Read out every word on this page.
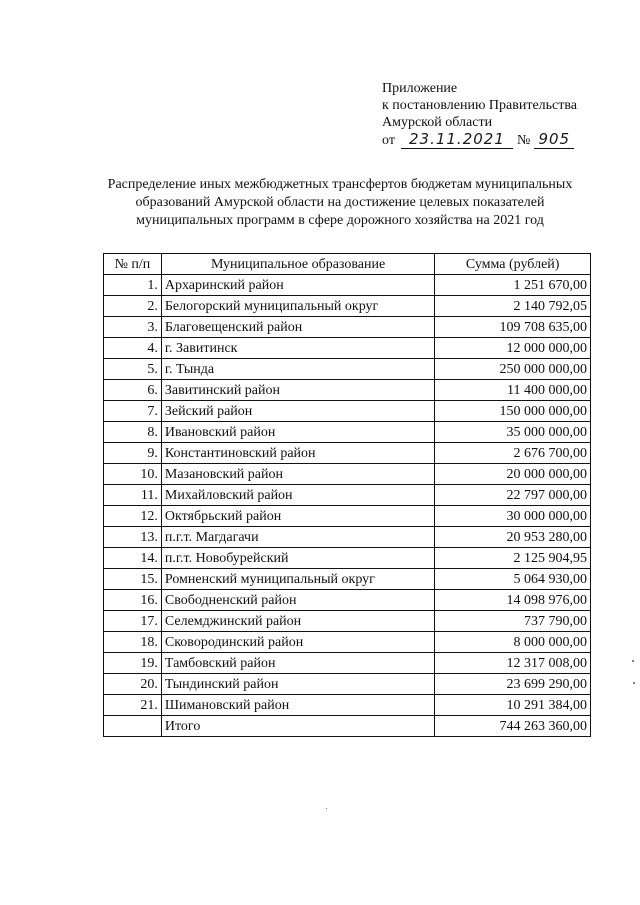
Приложение
к постановлению Правительства
Амурской области
от 23.11.2021 № 905
Распределение иных межбюджетных трансфертов бюджетам муниципальных
образований Амурской области на достижение целевых показателей
муниципальных программ в сфере дорожного хозяйства на 2021 год
№ п/п	Муниципальное образование	Сумма (рублей)
1.	Архаринский район	1 251 670,00
2.	Белогорский муниципальный округ	2 140 792,05
3.	Благовещенский район	109 708 635,00
4.	г. Завитинск	12 000 000,00
5.	г. Тында	250 000 000,00
6.	Завитинский район	11 400 000,00
7.	Зейский район	150 000 000,00
8.	Ивановский район	35 000 000,00
9.	Константиновский район	2 676 700,00
10.	Мазановский район	20 000 000,00
11.	Михайловский район	22 797 000,00
12.	Октябрьский район	30 000 000,00
13.	п.г.т. Магдагачи	20 953 280,00
14.	п.г.т. Новобурейский	2 125 904,95
15.	Ромненский муниципальный округ	5 064 930,00
16.	Свободненский район	14 098 976,00
17.	Селемджинский район	737 790,00
18.	Сковородинский район	8 000 000,00
19.	Тамбовский район	12 317 008,00
20.	Тындинский район	23 699 290,00
21.	Шимановский район	10 291 384,00
	Итого	744 263 360,00
